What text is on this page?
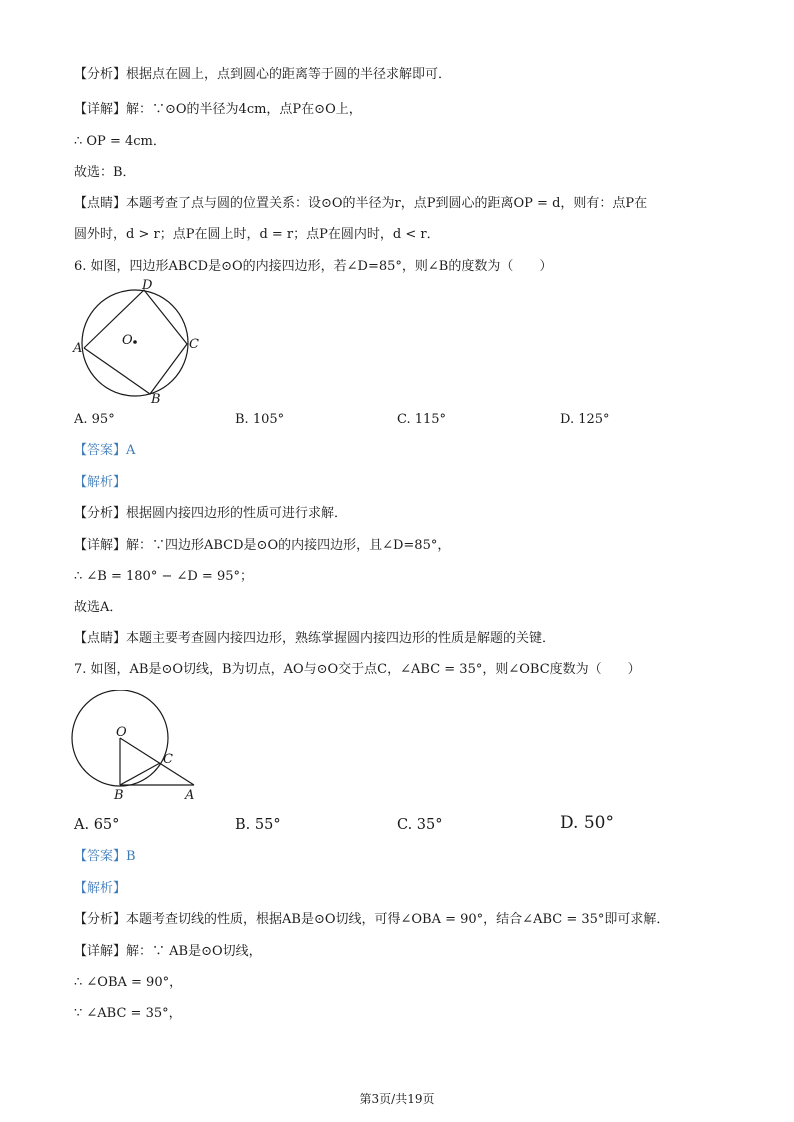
【分析】根据点在圆上，点到圆心的距离等于圆的半径求解即可．
【详解】解：∵⊙O的半径为4cm，点P在⊙O上，
∴ OP = 4cm．
故选：B．
【点睛】本题考查了点与圆的位置关系：设⊙O的半径为r，点P到圆心的距离OP = d，则有：点P在
圆外时，d > r；点P在圆上时，d = r；点P在圆内时，d < r．
6. 如图，四边形ABCD是⊙O的内接四边形，若∠D=85°，则∠B的度数为（　　）
A
D
C
B
O
A. 95°	B. 105°	C. 115°	D. 125°
【答案】A
【解析】
【分析】根据圆内接四边形的性质可进行求解．
【详解】解：∵四边形ABCD是⊙O的内接四边形，且∠D=85°，
∴ ∠B = 180° − ∠D = 95°；
故选A．
【点睛】本题主要考查圆内接四边形，熟练掌握圆内接四边形的性质是解题的关键．
7. 如图，AB是⊙O切线，B为切点，AO与⊙O交于点C，∠ABC = 35°，则∠OBC度数为（　　）
O
C
B	A
A. 65°	B. 55°	C. 35°	D. 50°
【答案】B
【解析】
【分析】本题考查切线的性质，根据AB是⊙O切线，可得∠OBA = 90°，结合∠ABC = 35°即可求解．
【详解】解：∵ AB是⊙O切线，
∴ ∠OBA = 90°，
∵ ∠ABC = 35°，
第3页/共19页
